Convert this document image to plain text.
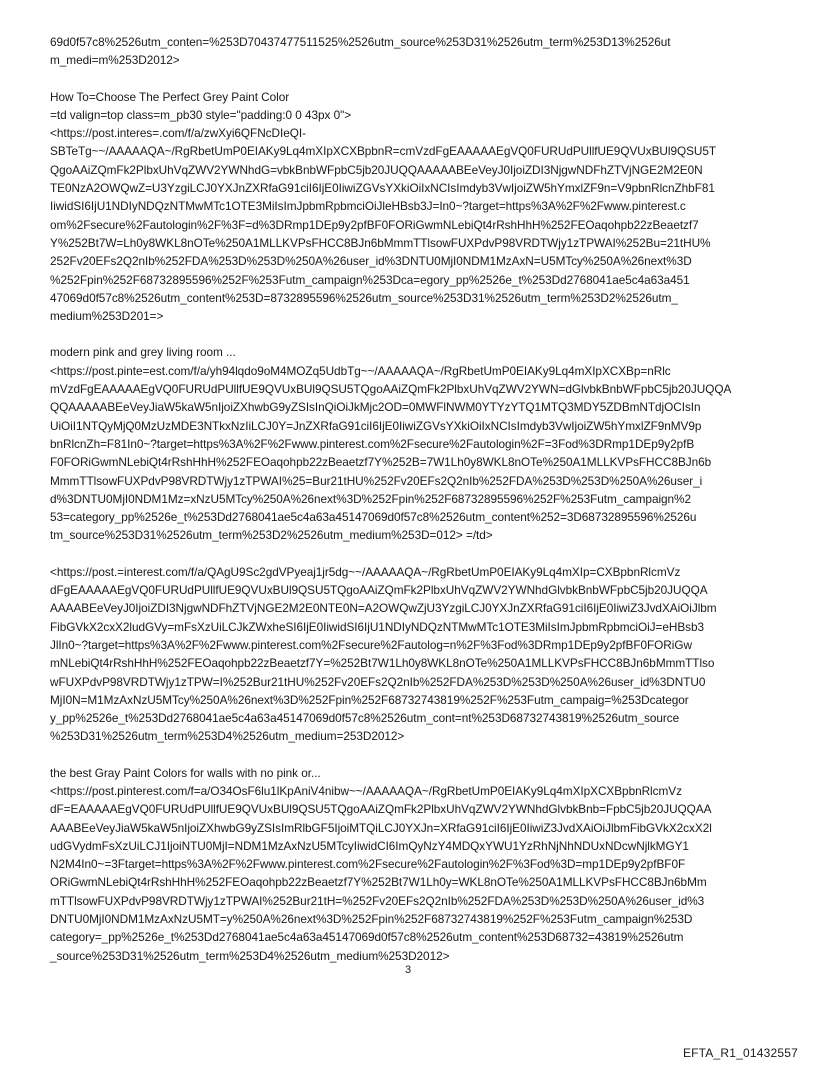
69d0f57c8%2526utm_conten=%253D70437477511525%2526utm_source%253D31%2526utm_term%253D13%2526ut
m_medi=m%253D2012>
How To=Choose The Perfect Grey Paint Color
=td valign=top class=m_pb30 style="padding:0 0 43px 0">
<https://post.interes=.com/f/a/zwXyi6QFNcDIeQI-
SBTeTg~~/AAAAAQA~/RgRbetUmP0EIAKy9Lq4mXIpXCXBpbnR=cmVzdFgEAAAAAEgVQ0FURUdPUllfUE9QVUxBUl9QSU5T
QgoAAiZQmFk2PlbxUhVqZWV2YWNhdG=vbkBnbWFpbC5jb20JUQQAAAAABEeVeyJ0IjoiZDI3NjgwNDFhZTVjNGE2M2E0N
TE0NzA2OWQwZ=U3YzgiLCJ0YXJnZXRfaG91ciI6IjE0IiwiZGVsYXkiOiIxNCIsImdyb3VwIjoiZW5hYmxlZF9n=V9pbnRlcnZhbF81
IiwidSI6IjU1NDIyNDQzNTMwMTc1OTE3MiIsImJpbmRpbmciOiJleHBsb3J=In0~?target=https%3A%2F%2Fwww.pinterest.c
om%2Fsecure%2Fautologin%2F%3F=d%3DRmp1DEp9y2pfBF0FORiGwmNLebiQt4rRshHhH%252FEOaqohpb22zBeaetzf7
Y%252Bt7W=Lh0y8WKL8nOTe%250A1MLLKVPsFHCC8BJn6bMmmTTlsowFUXPdvP98VRDTWjy1zTPWAI%252Bu=21tHU%
252Fv20EFs2Q2nIb%252FDA%253D%253D%250A%26user_id%3DNTU0MjI0NDM1MzAxN=U5MTcy%250A%26next%3D
%252Fpin%252F68732895596%252F%253Futm_campaign%253Dca=egory_pp%2526e_t%253Dd2768041ae5c4a63a451
47069d0f57c8%2526utm_content%253D=8732895596%2526utm_source%253D31%2526utm_term%253D2%2526utm_
medium%253D201=>
modern pink and grey living room ...
<https://post.pinte=est.com/f/a/yh94lqdo9oM4MOZq5UdbTg~~/AAAAAQA~/RgRbetUmP0EIAKy9Lq4mXIpXCXBp=nRlc
mVzdFgEAAAAAEgVQ0FURUdPUllfUE9QVUxBUl9QSU5TQgoAAiZQmFk2PlbxUhVqZWV2YWN=dGlvbkBnbWFpbC5jb20JUQQA
QQAAAAABEeVeyJiaW5kaW5nIjoiZXhwbG9yZSIsInQiOiJkMjc2OD=0MWFlNWM0YTYzYTQ1MTQ3MDY5ZDBmNTdjOCIsIn
UiOiI1NTQyMjQ0MzUzMDE3NTkxNzIiLCJ0Y=JnZXRfaG91ciI6IjE0IiwiZGVsYXkiOiIxNCIsImdyb3VwIjoiZW5hYmxlZF9nMV9p
bnRlcnZh=F81In0~?target=https%3A%2F%2Fwww.pinterest.com%2Fsecure%2Fautologin%2F=3Fod%3DRmp1DEp9y2pfB
F0FORiGwmNLebiQt4rRshHhH%252FEOaqohpb22zBeaetzf7Y%252B=7W1Lh0y8WKL8nOTe%250A1MLLKVPsFHCC8BJn6b
MmmTTlsowFUXPdvP98VRDTWjy1zTPWAI%25=Bur21tHU%252Fv20EFs2Q2nIb%252FDA%253D%253D%250A%26user_i
d%3DNTU0MjI0NDM1Mz=xNzU5MTcy%250A%26next%3D%252Fpin%252F68732895596%252F%253Futm_campaign%2
53=category_pp%2526e_t%253Dd2768041ae5c4a63a45147069d0f57c8%2526utm_content%252=3D68732895596%2526u
tm_source%253D31%2526utm_term%253D2%2526utm_medium%253D=012> =/td>
<https://post.=interest.com/f/a/QAgU9Sc2gdVPyeaj1jr5dg~~/AAAAAQA~/RgRbetUmP0EIAKy9Lq4mXIp=CXBpbnRlcmVz
dFgEAAAAAEgVQ0FURUdPUllfUE9QVUxBUl9QSU5TQgoAAiZQmFk2PlbxUhVqZWV2YWNhdGlvbkBnbWFpbC5jb20JUQQA
AAAABEeVeyJ0IjoiZDI3NjgwNDFhZTVjNGE2M2E0NTE0N=A2OWQwZjU3YzgiLCJ0YXJnZXRfaG91ciI6IjE0IiwiZ3JvdXAiOiJlbm
FibGVkX2cxX2ludGVy=mFsXzUiLCJkZWxheSI6IjE0IiwidSI6IjU1NDIyNDQzNTMwMTc1OTE3MiIsImJpbmRpbmciOiJ=eHBsb3
JlIn0~?target=https%3A%2F%2Fwww.pinterest.com%2Fsecure%2Fautolog=n%2F%3Fod%3DRmp1DEp9y2pfBF0FORiGw
mNLebiQt4rRshHhH%252FEOaqohpb22zBeaetzf7Y=%252Bt7W1Lh0y8WKL8nOTe%250A1MLLKVPsFHCC8BJn6bMmmTTlso
wFUXPdvP98VRDTWjy1zTPW=I%252Bur21tHU%252Fv20EFs2Q2nIb%252FDA%253D%253D%250A%26user_id%3DNTU0
MjI0N=M1MzAxNzU5MTcy%250A%26next%3D%252Fpin%252F68732743819%252F%253Futm_campaig=%253Dcategor
y_pp%2526e_t%253Dd2768041ae5c4a63a45147069d0f57c8%2526utm_cont=nt%253D68732743819%2526utm_source
%253D31%2526utm_term%253D4%2526utm_medium=253D2012>
the best Gray Paint Colors for walls with no pink or...
<https://post.pinterest.com/f=a/O34OsF6lu1lKpAniV4nibw~~/AAAAAQA~/RgRbetUmP0EIAKy9Lq4mXIpXCXBpbnRlcmVz
dF=EAAAAAEgVQ0FURUdPUllfUE9QVUxBUl9QSU5TQgoAAiZQmFk2PlbxUhVqZWV2YWNhdGlvbkBnb=FpbC5jb20JUQQAA
AAABEeVeyJiaW5kaW5nIjoiZXhwbG9yZSIsImRlbGF5IjoiMTQiLCJ0YXJn=XRfaG91ciI6IjE0IiwiZ3JvdXAiOiJlbmFibGVkX2cxX2l
udGVydmFsXzUiLCJ1IjoiNTU0MjI=NDM1MzAxNzU5MTcyIiwidCI6ImQyNzY4MDQxYWU1YzRhNjNhNDUxNDcwNjlkMGY1
N2M4In0~=3Ftarget=https%3A%2F%2Fwww.pinterest.com%2Fsecure%2Fautologin%2F%3Fod%3D=mp1DEp9y2pfBF0F
ORiGwmNLebiQt4rRshHhH%252FEOaqohpb22zBeaetzf7Y%252Bt7W1Lh0y=WKL8nOTe%250A1MLLKVPsFHCC8BJn6bMm
mTTlsowFUXPdvP98VRDTWjy1zTPWAI%252Bur21tH=%252Fv20EFs2Q2nIb%252FDA%253D%253D%250A%26user_id%3
DNTU0MjI0NDM1MzAxNzU5MT=y%250A%26next%3D%252Fpin%252F68732743819%252F%253Futm_campaign%253D
category=_pp%2526e_t%253Dd2768041ae5c4a63a45147069d0f57c8%2526utm_content%253D68732=43819%2526utm
_source%253D31%2526utm_term%253D4%2526utm_medium%253D2012>
3
EFTA_R1_01432557
